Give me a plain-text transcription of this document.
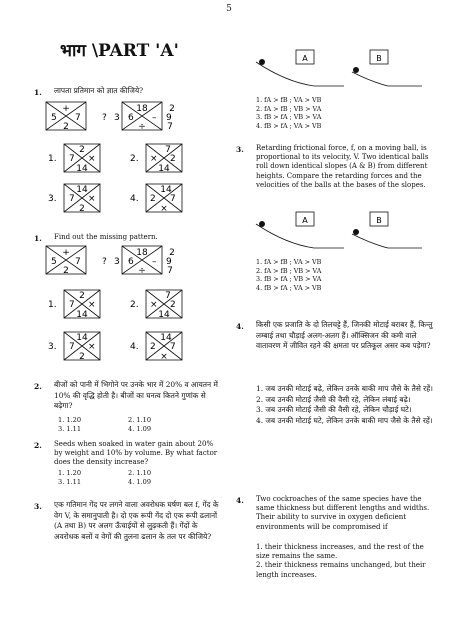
5
भाग \PART 'A'
1. लापता प्रतिमान को ज्ञात कीजिये?
+	18 2
5 7 ? 3 6 – 9
2	÷ 7
1.
2
7 ×
14
2.
7
× 2
14
3.
14
7 ×
2
4.
14
2 7
×
1. Find out the missing pattern.
+	18 2
5 7 ? 3 6 – 9
2	÷ 7
1.
2
7 ×
14
2.
7
× 2
14
3.
14
7 ×
2
4.
14
2 7
×
2. बीजों को पानी में भिगोने पर उनके भार में 20% व आयतन में 10% की वृद्धि होती है। बीजों का घनत्व कितने गुणांक से बढ़ेगा?
1. 1.20	2. 1.10
3. 1.11	4. 1.09
2. Seeds when soaked in water gain about 20% by weight and 10% by volume. By what factor does the density increase?
1. 1.20	2. 1.10
3. 1.11	4. 1.09
3. एक गतिमान गेंद पर लगने वाला अवरोधक घर्षण बल f, गेंद के वेग V, के समानुपाती है। दो एक रूपी गेंद दो एक रूपी ढलानों (A तथा B) पर अलग ऊँचाईयों से लुढ़कती हैं। गेंदों के अवरोधक बलों व वेगों की तुलना ढलान के तल पर कीजिये?
A	B
1. fA > fB ; VA > VB
2. fA > fB ; VB > VA
3. fB > fA ; VB > VA
4. fB > fA ; VA > VB
3. Retarding frictional force, f, on a moving ball, is proportional to its velocity, V. Two identical balls roll down identical slopes (A & B) from different heights. Compare the retarding forces and the velocities of the balls at the bases of the slopes.
A	B
1. fA > fB ; VA > VB
2. fA > fB ; VB > VA
3. fB > fA ; VB > VA
4. fB > fA ; VA > VB
4. किसी एक प्रजाति के दो तिलचट्टे हैं, जिनकी मोटाई बराबर हैं, किन्तु लम्बाई तथा चौड़ाई अलग-अलग हैं। ऑक्सिजन की कमी वाले वातावरण में जीवित रहने की क्षमता पर प्रतिकूल असर कब पड़ेगा?
1. जब उनकी मोटाई बढ़े, लेकिन उनके बाकी माप जैसे के तैसे रहें।
2. जब उनकी मोटाई जैसी की वैसी रहे, लेकिन लंबाई बढ़े।
3. जब उनकी मोटाई जैसी की वैसी रहे, लेकिन चौड़ाई घटे।
4. जब उनकी मोटाई घटे, लेकिन उनके बाकी माप जैसे के तैसे रहें।
4. Two cockroaches of the same species have the same thickness but different lengths and widths. Their ability to survive in oxygen deficient environments will be compromised if
1. their thickness increases, and the rest of the size remains the same.
2. their thickness remains unchanged, but their length increases.
